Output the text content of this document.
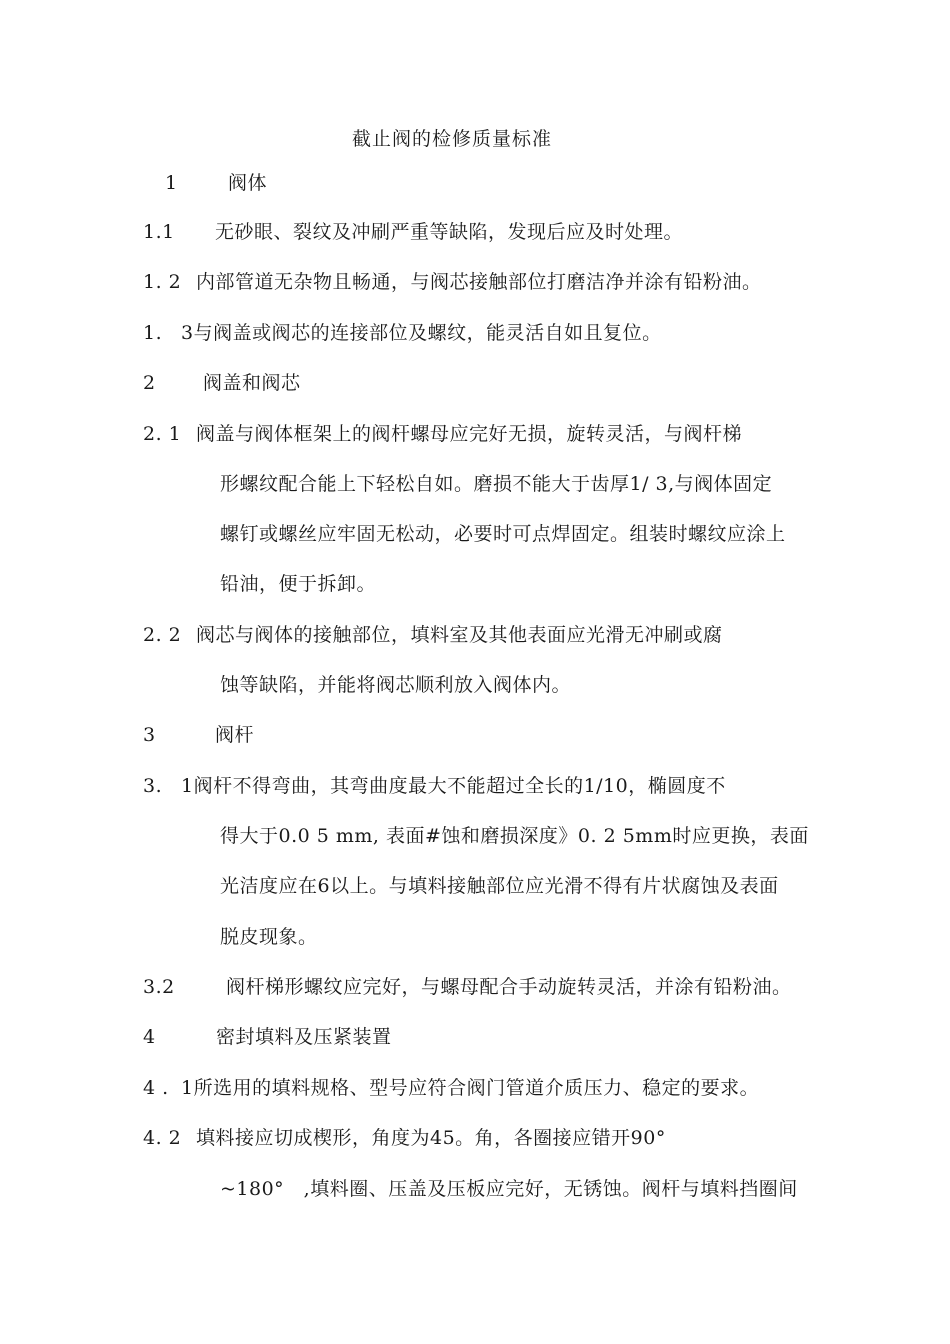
截止阀的检修质量标准
1	阀体
1.1 无砂眼、裂纹及冲刷严重等缺陷，发现后应及时处理。
1. 2 内部管道无杂物且畅通，与阀芯接触部位打磨洁净并涂有铅粉油。
1. 3与阀盖或阀芯的连接部位及螺纹，能灵活自如且复位。
2 阀盖和阀芯
2. 1 阀盖与阀体框架上的阀杆螺母应完好无损，旋转灵活，与阀杆梯
形螺纹配合能上下轻松自如。磨损不能大于齿厚1/ 3,与阀体固定
螺钉或螺丝应牢固无松动，必要时可点焊固定。组装时螺纹应涂上
铅油，便于拆卸。
2. 2 阀芯与阀体的接触部位，填料室及其他表面应光滑无冲刷或腐
蚀等缺陷，并能将阀芯顺利放入阀体内。
3	阀杆
3. 1阀杆不得弯曲，其弯曲度最大不能超过全长的1/10，椭圆度不
得大于0.0 5 mm, 表面#蚀和磨损深度》0. 2 5mm时应更换，表面
光洁度应在6以上。与填料接触部位应光滑不得有片状腐蚀及表面
脱皮现象。
3.2	阀杆梯形螺纹应完好，与螺母配合手动旋转灵活，并涂有铅粉油。
4	密封填料及压紧装置
4 . 1所选用的填料规格、型号应符合阀门管道介质压力、稳定的要求。
4. 2 填料接应切成楔形，角度为45。角，各圈接应错开90°
~180°　,填料圈、压盖及压板应完好，无锈蚀。阀杆与填料挡圈间
